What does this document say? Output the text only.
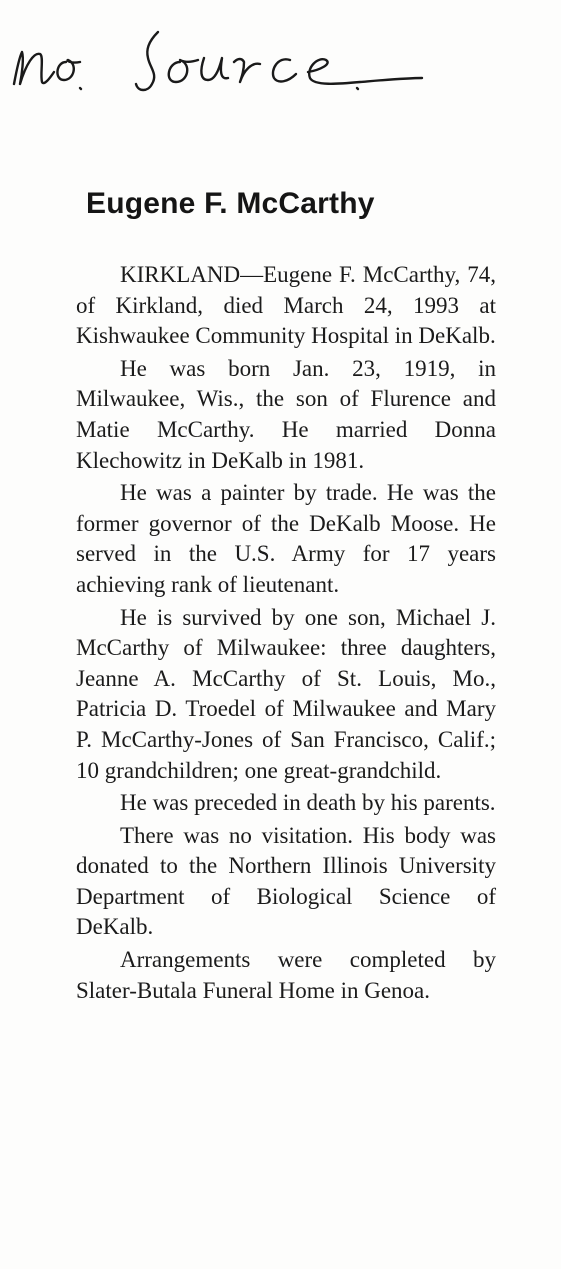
Eugene F. McCarthy

KIRKLAND—Eugene F. McCarthy, 74, of Kirkland, died March 24, 1993 at Kishwaukee Community Hospital in DeKalb.

He was born Jan. 23, 1919, in Milwaukee, Wis., the son of Flurence and Matie McCarthy. He married Donna Klechowitz in DeKalb in 1981.

He was a painter by trade. He was the former governor of the DeKalb Moose. He served in the U.S. Army for 17 years achieving rank of lieutenant.

He is survived by one son, Michael J. McCarthy of Milwaukee: three daughters, Jeanne A. McCarthy of St. Louis, Mo., Patricia D. Troedel of Milwaukee and Mary P. McCarthy-Jones of San Francisco, Calif.; 10 grandchildren; one great-grandchild.

He was preceded in death by his parents.

There was no visitation. His body was donated to the Northern Illinois University Department of Biological Science of DeKalb.

Arrangements were completed by Slater-Butala Funeral Home in Genoa.
